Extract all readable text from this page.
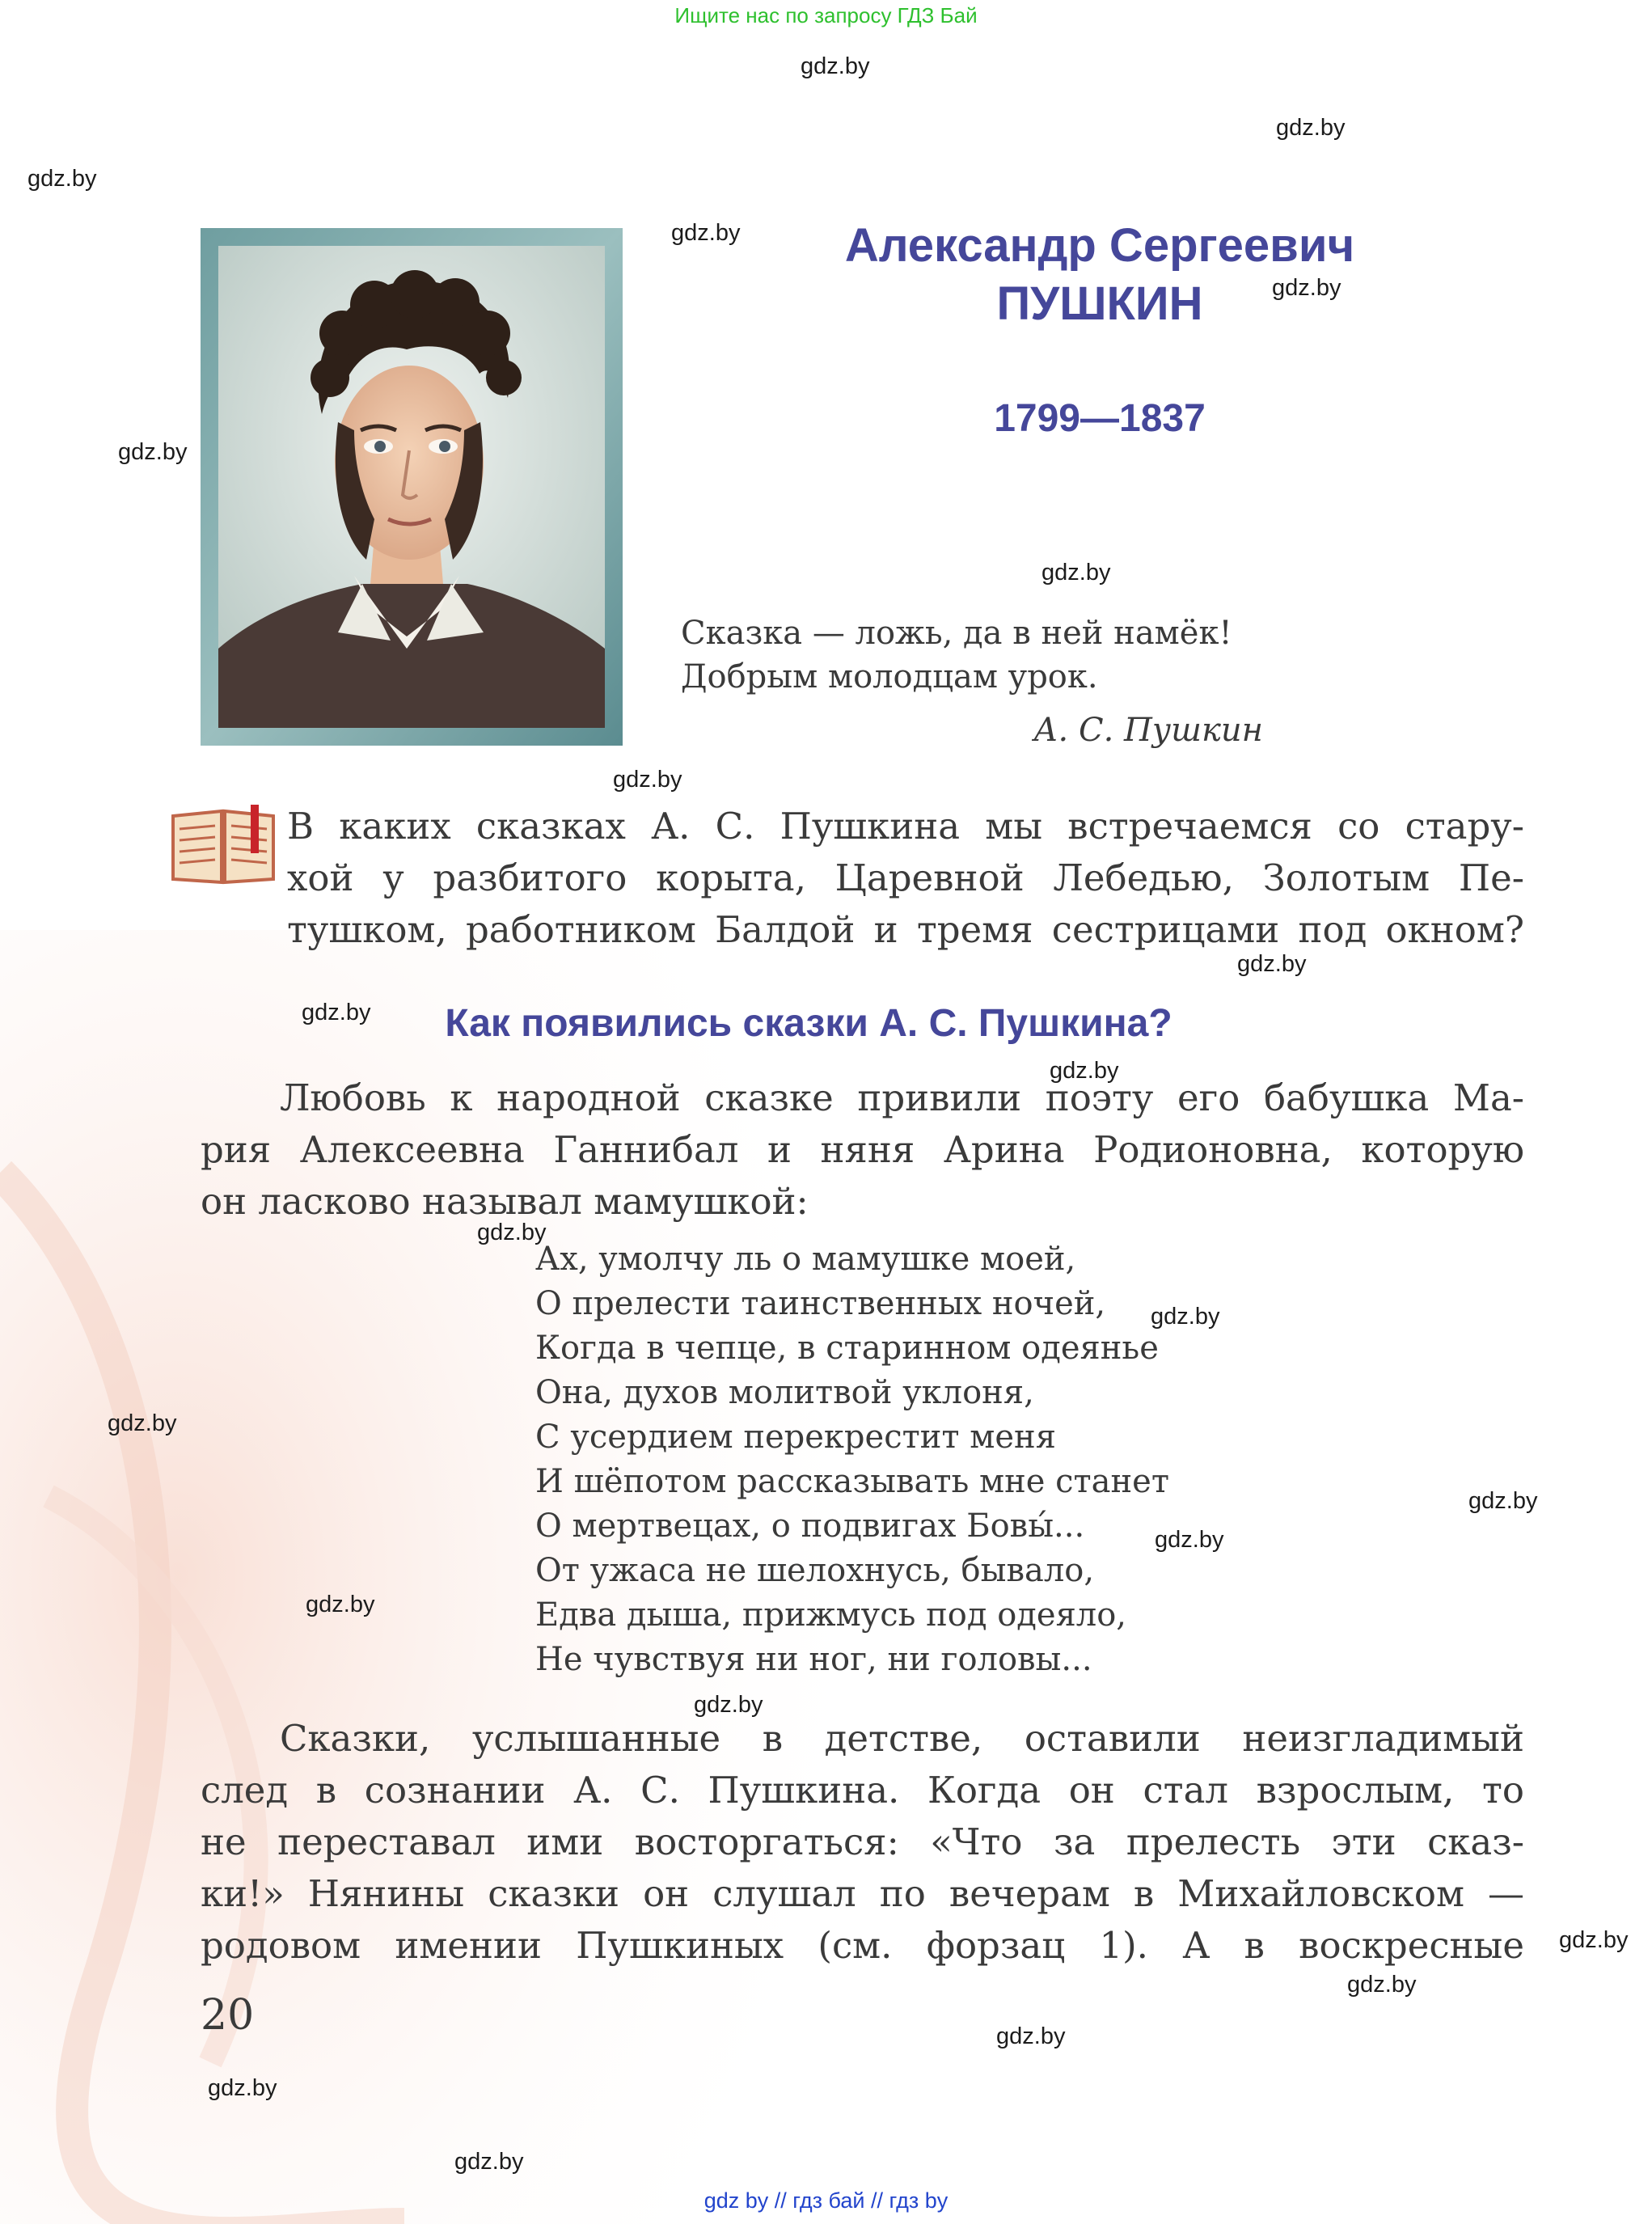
Ищите нас по запросу ГДЗ Бай
gdz.by
gdz.by
gdz.by
gdz.by
gdz.by
gdz.by
gdz.by
gdz.by
gdz.by
gdz.by
gdz.by
gdz.by
gdz.by
gdz.by
gdz.by
gdz.by
gdz.by
gdz.by
gdz.by
gdz.by
gdz.by
gdz.by
gdz.by
Александр Сергеевич
ПУШКИН
1799—1837
Сказка — ложь, да в ней намёк!
Добрым молодцам урок.
А. С. Пушкин
В каких сказках А. С. Пушкина мы встречаемся со стару-
хой у разбитого корыта, Царевной Лебедью, Золотым Пе-
тушком, работником Балдой и тремя сестрицами под окном?
Как появились сказки А. С. Пушкина?
Любовь к народной сказке привили поэту его бабушка Ма-
рия Алексеевна Ганнибал и няня Арина Родионовна, которую
он ласково называл мамушкой:
Ах, умолчу ль о мамушке моей,
О прелести таинственных ночей,
Когда в чепце, в старинном одеянье
Она, духов молитвой уклоня,
С усердием перекрестит меня
И шёпотом рассказывать мне станет
О мертвецах, о подвигах Бовы́...
От ужаса не шелохнусь, бывало,
Едва дыша, прижмусь под одеяло,
Не чувствуя ни ног, ни головы...
Сказки, услышанные в детстве, оставили неизгладимый
след в сознании А. С. Пушкина. Когда он стал взрослым, то
не переставал ими восторгаться: «Что за прелесть эти сказ-
ки!» Нянины сказки он слушал по вечерам в Михайловском —
родовом имении Пушкиных (см. форзац 1). А в воскресные
20
gdz by // гдз бай // гдз by
